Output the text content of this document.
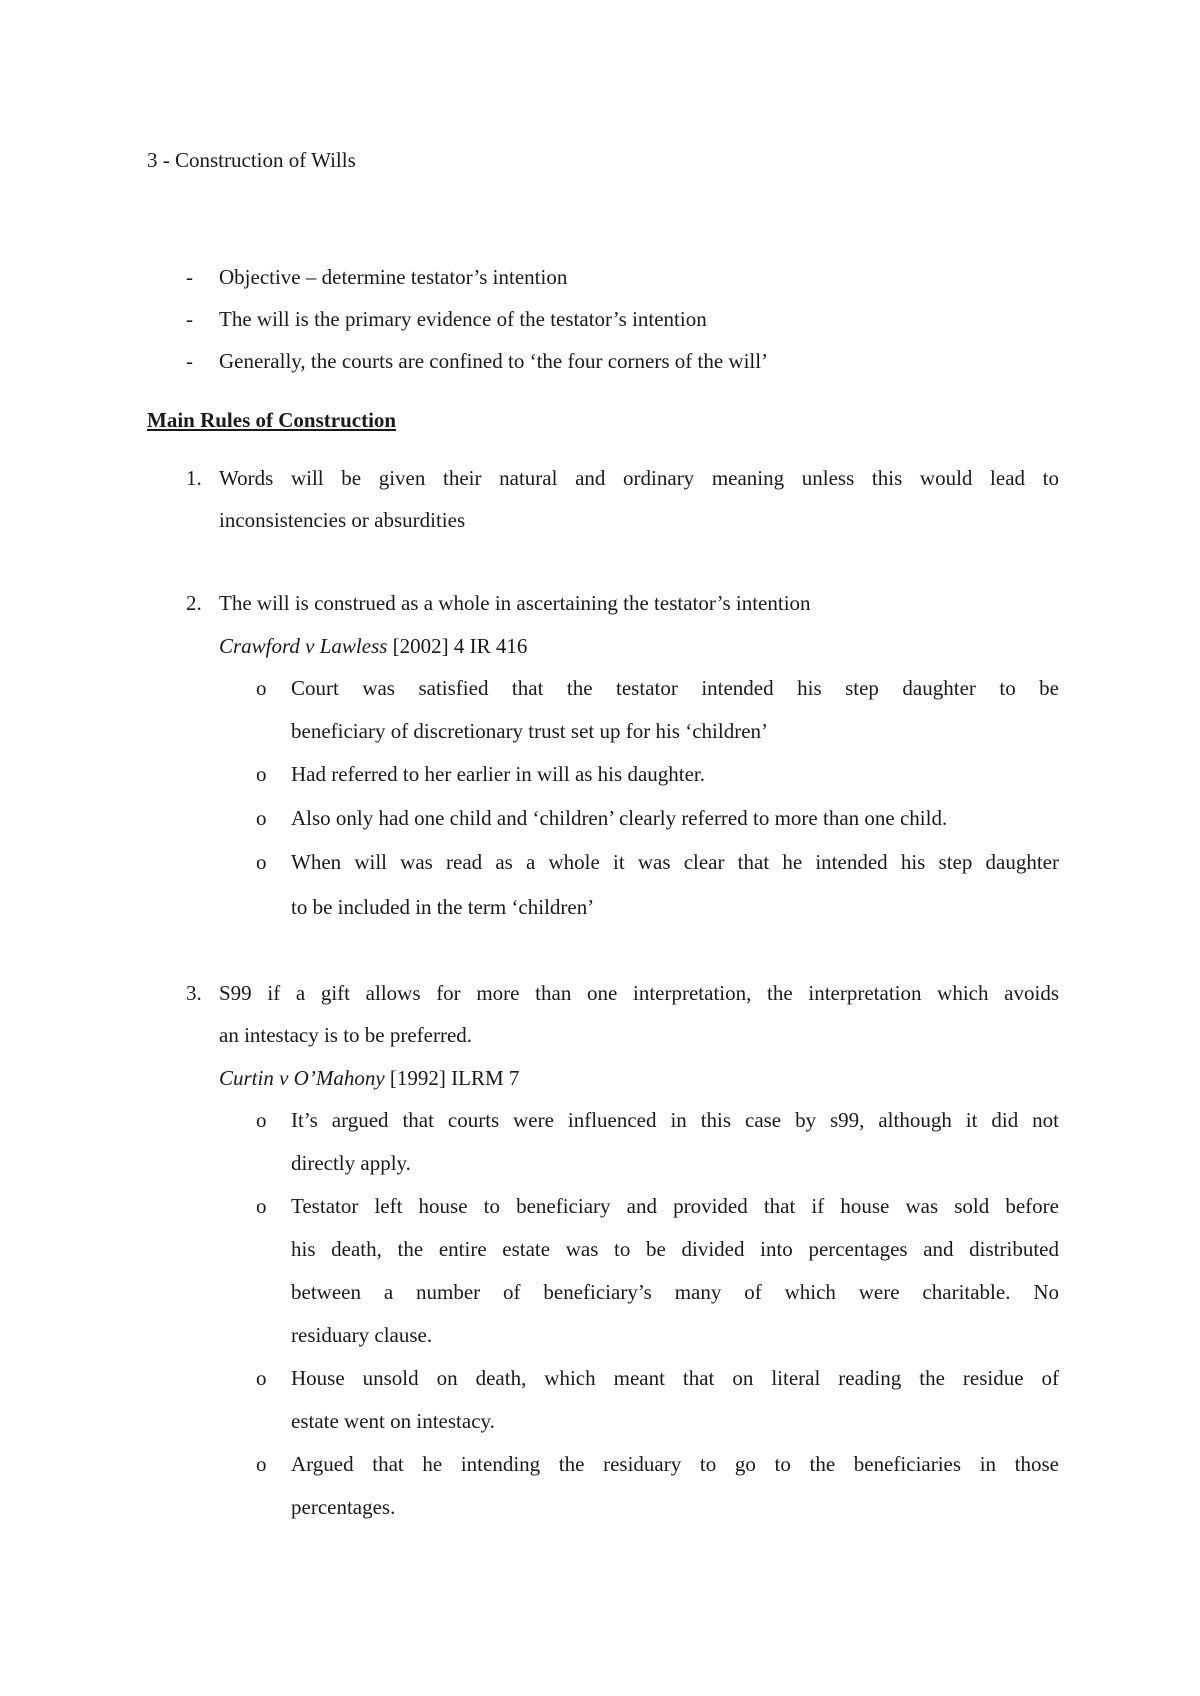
3 - Construction of Wills
- Objective – determine testator’s intention
- The will is the primary evidence of the testator’s intention
- Generally, the courts are confined to ‘the four corners of the will’
Main Rules of Construction
1. Words will be given their natural and ordinary meaning unless this would lead to
inconsistencies or absurdities
2. The will is construed as a whole in ascertaining the testator’s intention
Crawford v Lawless [2002] 4 IR 416
o Court was satisfied that the testator intended his step daughter to be
beneficiary of discretionary trust set up for his ‘children’
o Had referred to her earlier in will as his daughter.
o Also only had one child and ‘children’ clearly referred to more than one child.
o When will was read as a whole it was clear that he intended his step daughter
to be included in the term ‘children’
3. S99 if a gift allows for more than one interpretation, the interpretation which avoids
an intestacy is to be preferred.
Curtin v O’Mahony [1992] ILRM 7
o It’s argued that courts were influenced in this case by s99, although it did not
directly apply.
o Testator left house to beneficiary and provided that if house was sold before
his death, the entire estate was to be divided into percentages and distributed
between a number of beneficiary’s many of which were charitable. No
residuary clause.
o House unsold on death, which meant that on literal reading the residue of
estate went on intestacy.
o Argued that he intending the residuary to go to the beneficiaries in those
percentages.
